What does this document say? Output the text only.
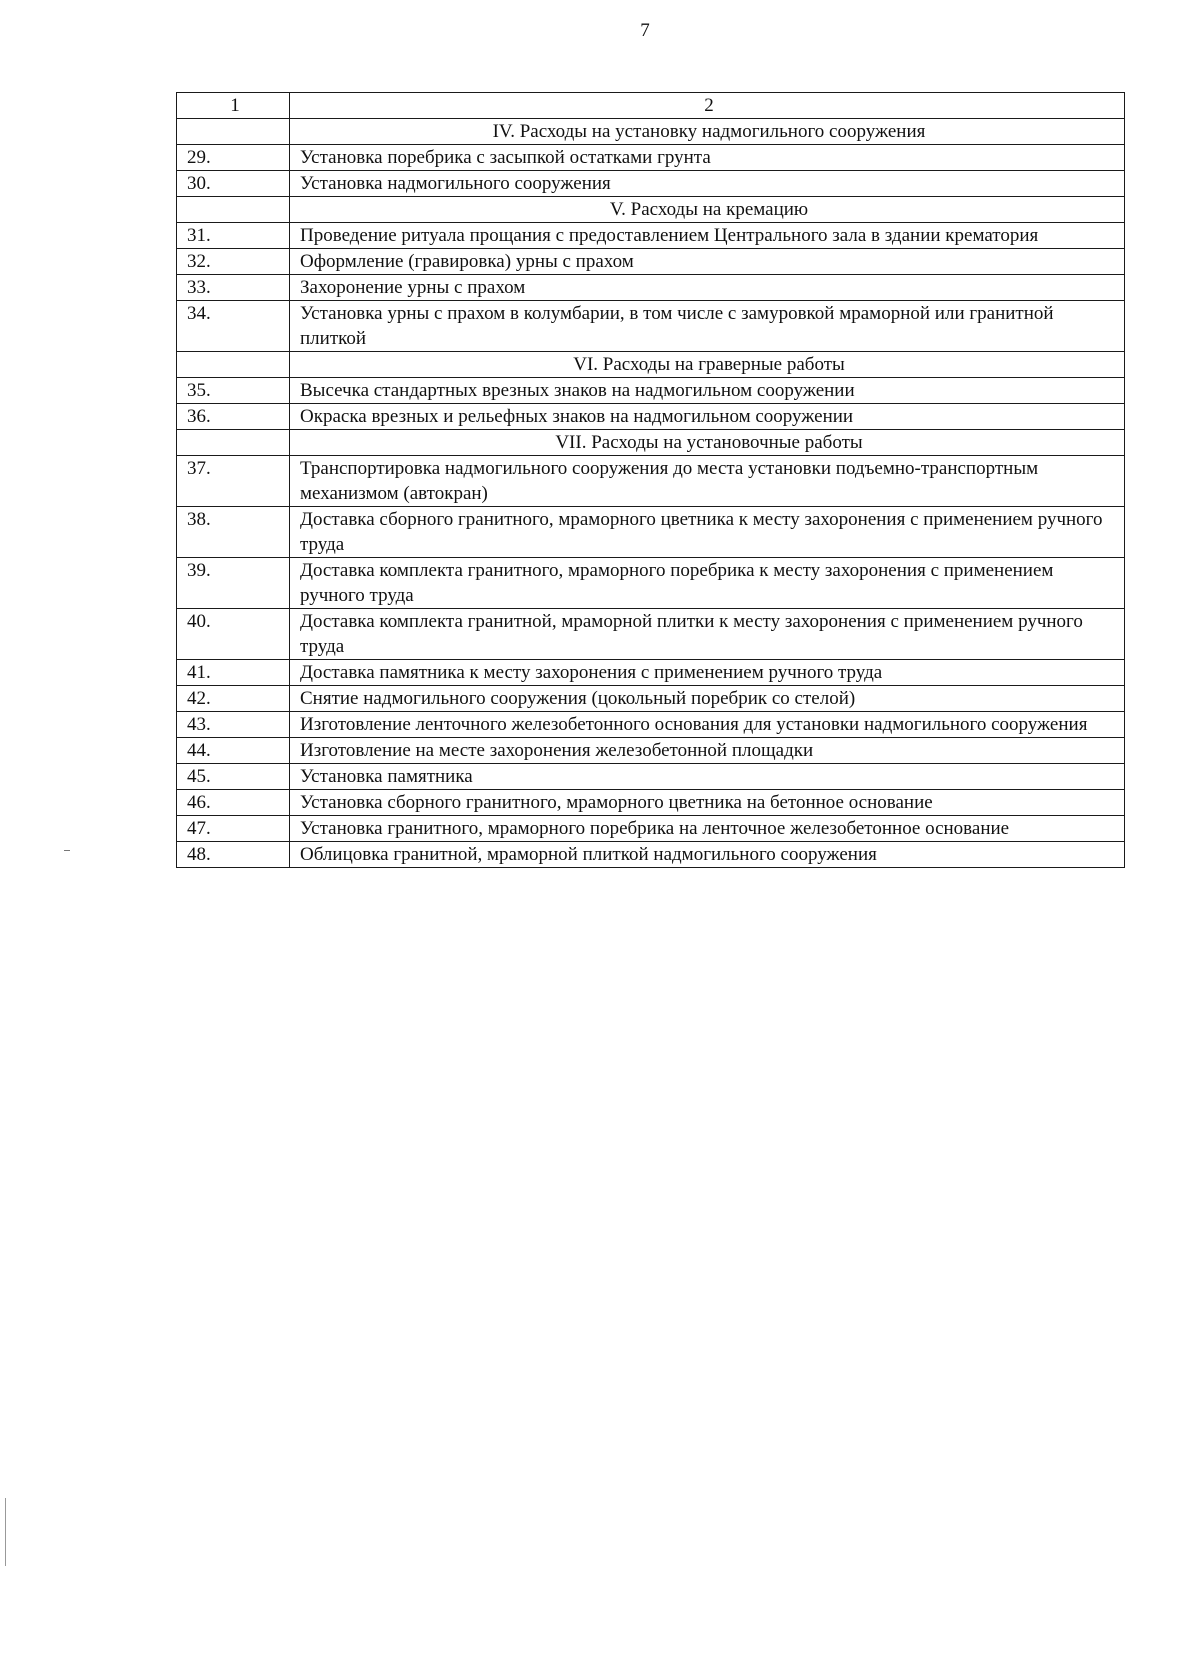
7
1	2
	IV. Расходы на установку надмогильного сооружения
29.	Установка поребрика с засыпкой остатками грунта
30.	Установка надмогильного сооружения
	V. Расходы на кремацию
31.	Проведение ритуала прощания с предоставлением Центрального зала в здании крематория
32.	Оформление (гравировка) урны с прахом
33.	Захоронение урны с прахом
34.	Установка урны с прахом в колумбарии, в том числе с замуровкой мраморной или гранитной плиткой
	VI. Расходы на граверные работы
35.	Высечка стандартных врезных знаков на надмогильном сооружении
36.	Окраска врезных и рельефных знаков на надмогильном сооружении
	VII. Расходы на установочные работы
37.	Транспортировка надмогильного сооружения до места установки подъемно-транспортным механизмом (автокран)
38.	Доставка сборного гранитного, мраморного цветника к месту захоронения с применением ручного труда
39.	Доставка комплекта гранитного, мраморного поребрика к месту захоронения с применением ручного труда
40.	Доставка комплекта гранитной, мраморной плитки к месту захоронения с применением ручного труда
41.	Доставка памятника к месту захоронения с применением ручного труда
42.	Снятие надмогильного сооружения (цокольный поребрик со стелой)
43.	Изготовление ленточного железобетонного основания для установки надмогильного сооружения
44.	Изготовление на месте захоронения железобетонной площадки
45.	Установка памятника
46.	Установка сборного гранитного, мраморного цветника на бетонное основание
47.	Установка гранитного, мраморного поребрика на ленточное железобетонное основание
48.	Облицовка гранитной, мраморной плиткой надмогильного сооружения
